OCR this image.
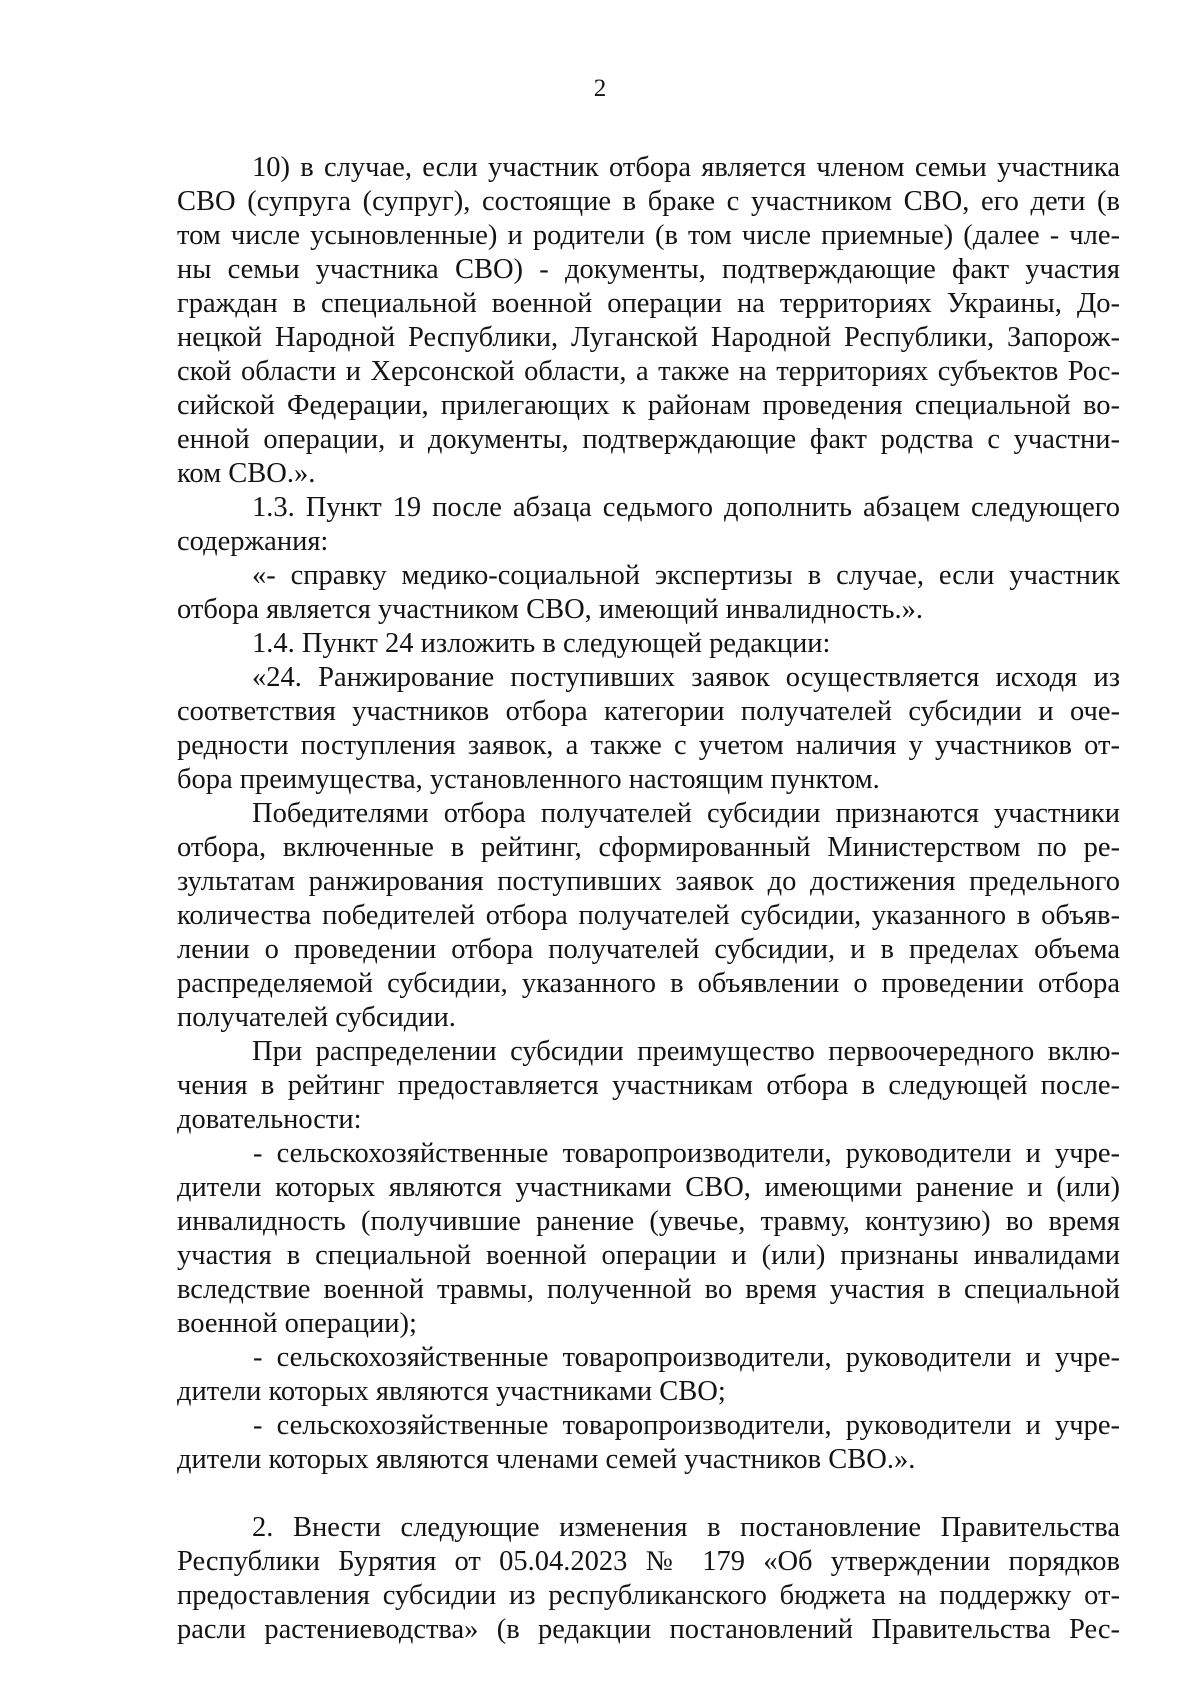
2
10) в случае, если участник отбора является членом семьи участника
СВО (супруга (супруг), состоящие в браке с участником СВО, его дети (в
том числе усыновленные) и родители (в том числе приемные) (далее - чле-
ны семьи участника СВО) - документы, подтверждающие факт участия
граждан в специальной военной операции на территориях Украины, До-
нецкой Народной Республики, Луганской Народной Республики, Запорож-
ской области и Херсонской области, а также на территориях субъектов Рос-
сийской Федерации, прилегающих к районам проведения специальной во-
енной операции, и документы, подтверждающие факт родства с участни-
ком СВО.».
1.3. Пункт 19 после абзаца седьмого дополнить абзацем следующего
содержания:
«- справку медико-социальной экспертизы в случае, если участник
отбора является участником СВО, имеющий инвалидность.».
1.4. Пункт 24 изложить в следующей редакции:
«24. Ранжирование поступивших заявок осуществляется исходя из
соответствия участников отбора категории получателей субсидии и оче-
редности поступления заявок, а также с учетом наличия у участников от-
бора преимущества, установленного настоящим пунктом.
Победителями отбора получателей субсидии признаются участники
отбора, включенные в рейтинг, сформированный Министерством по ре-
зультатам ранжирования поступивших заявок до достижения предельного
количества победителей отбора получателей субсидии, указанного в объяв-
лении о проведении отбора получателей субсидии, и в пределах объема
распределяемой субсидии, указанного в объявлении о проведении отбора
получателей субсидии.
При распределении субсидии преимущество первоочередного вклю-
чения в рейтинг предоставляется участникам отбора в следующей после-
довательности:
- сельскохозяйственные товаропроизводители, руководители и учре-
дители которых являются участниками СВО, имеющими ранение и (или)
инвалидность (получившие ранение (увечье, травму, контузию) во время
участия в специальной военной операции и (или) признаны инвалидами
вследствие военной травмы, полученной во время участия в специальной
военной операции);
- сельскохозяйственные товаропроизводители, руководители и учре-
дители которых являются участниками СВО;
- сельскохозяйственные товаропроизводители, руководители и учре-
дители которых являются членами семей участников СВО.».
2. Внести следующие изменения в постановление Правительства
Республики Бурятия от 05.04.2023 № 179 «Об утверждении порядков
предоставления субсидии из республиканского бюджета на поддержку от-
расли растениеводства» (в редакции постановлений Правительства Рес-
